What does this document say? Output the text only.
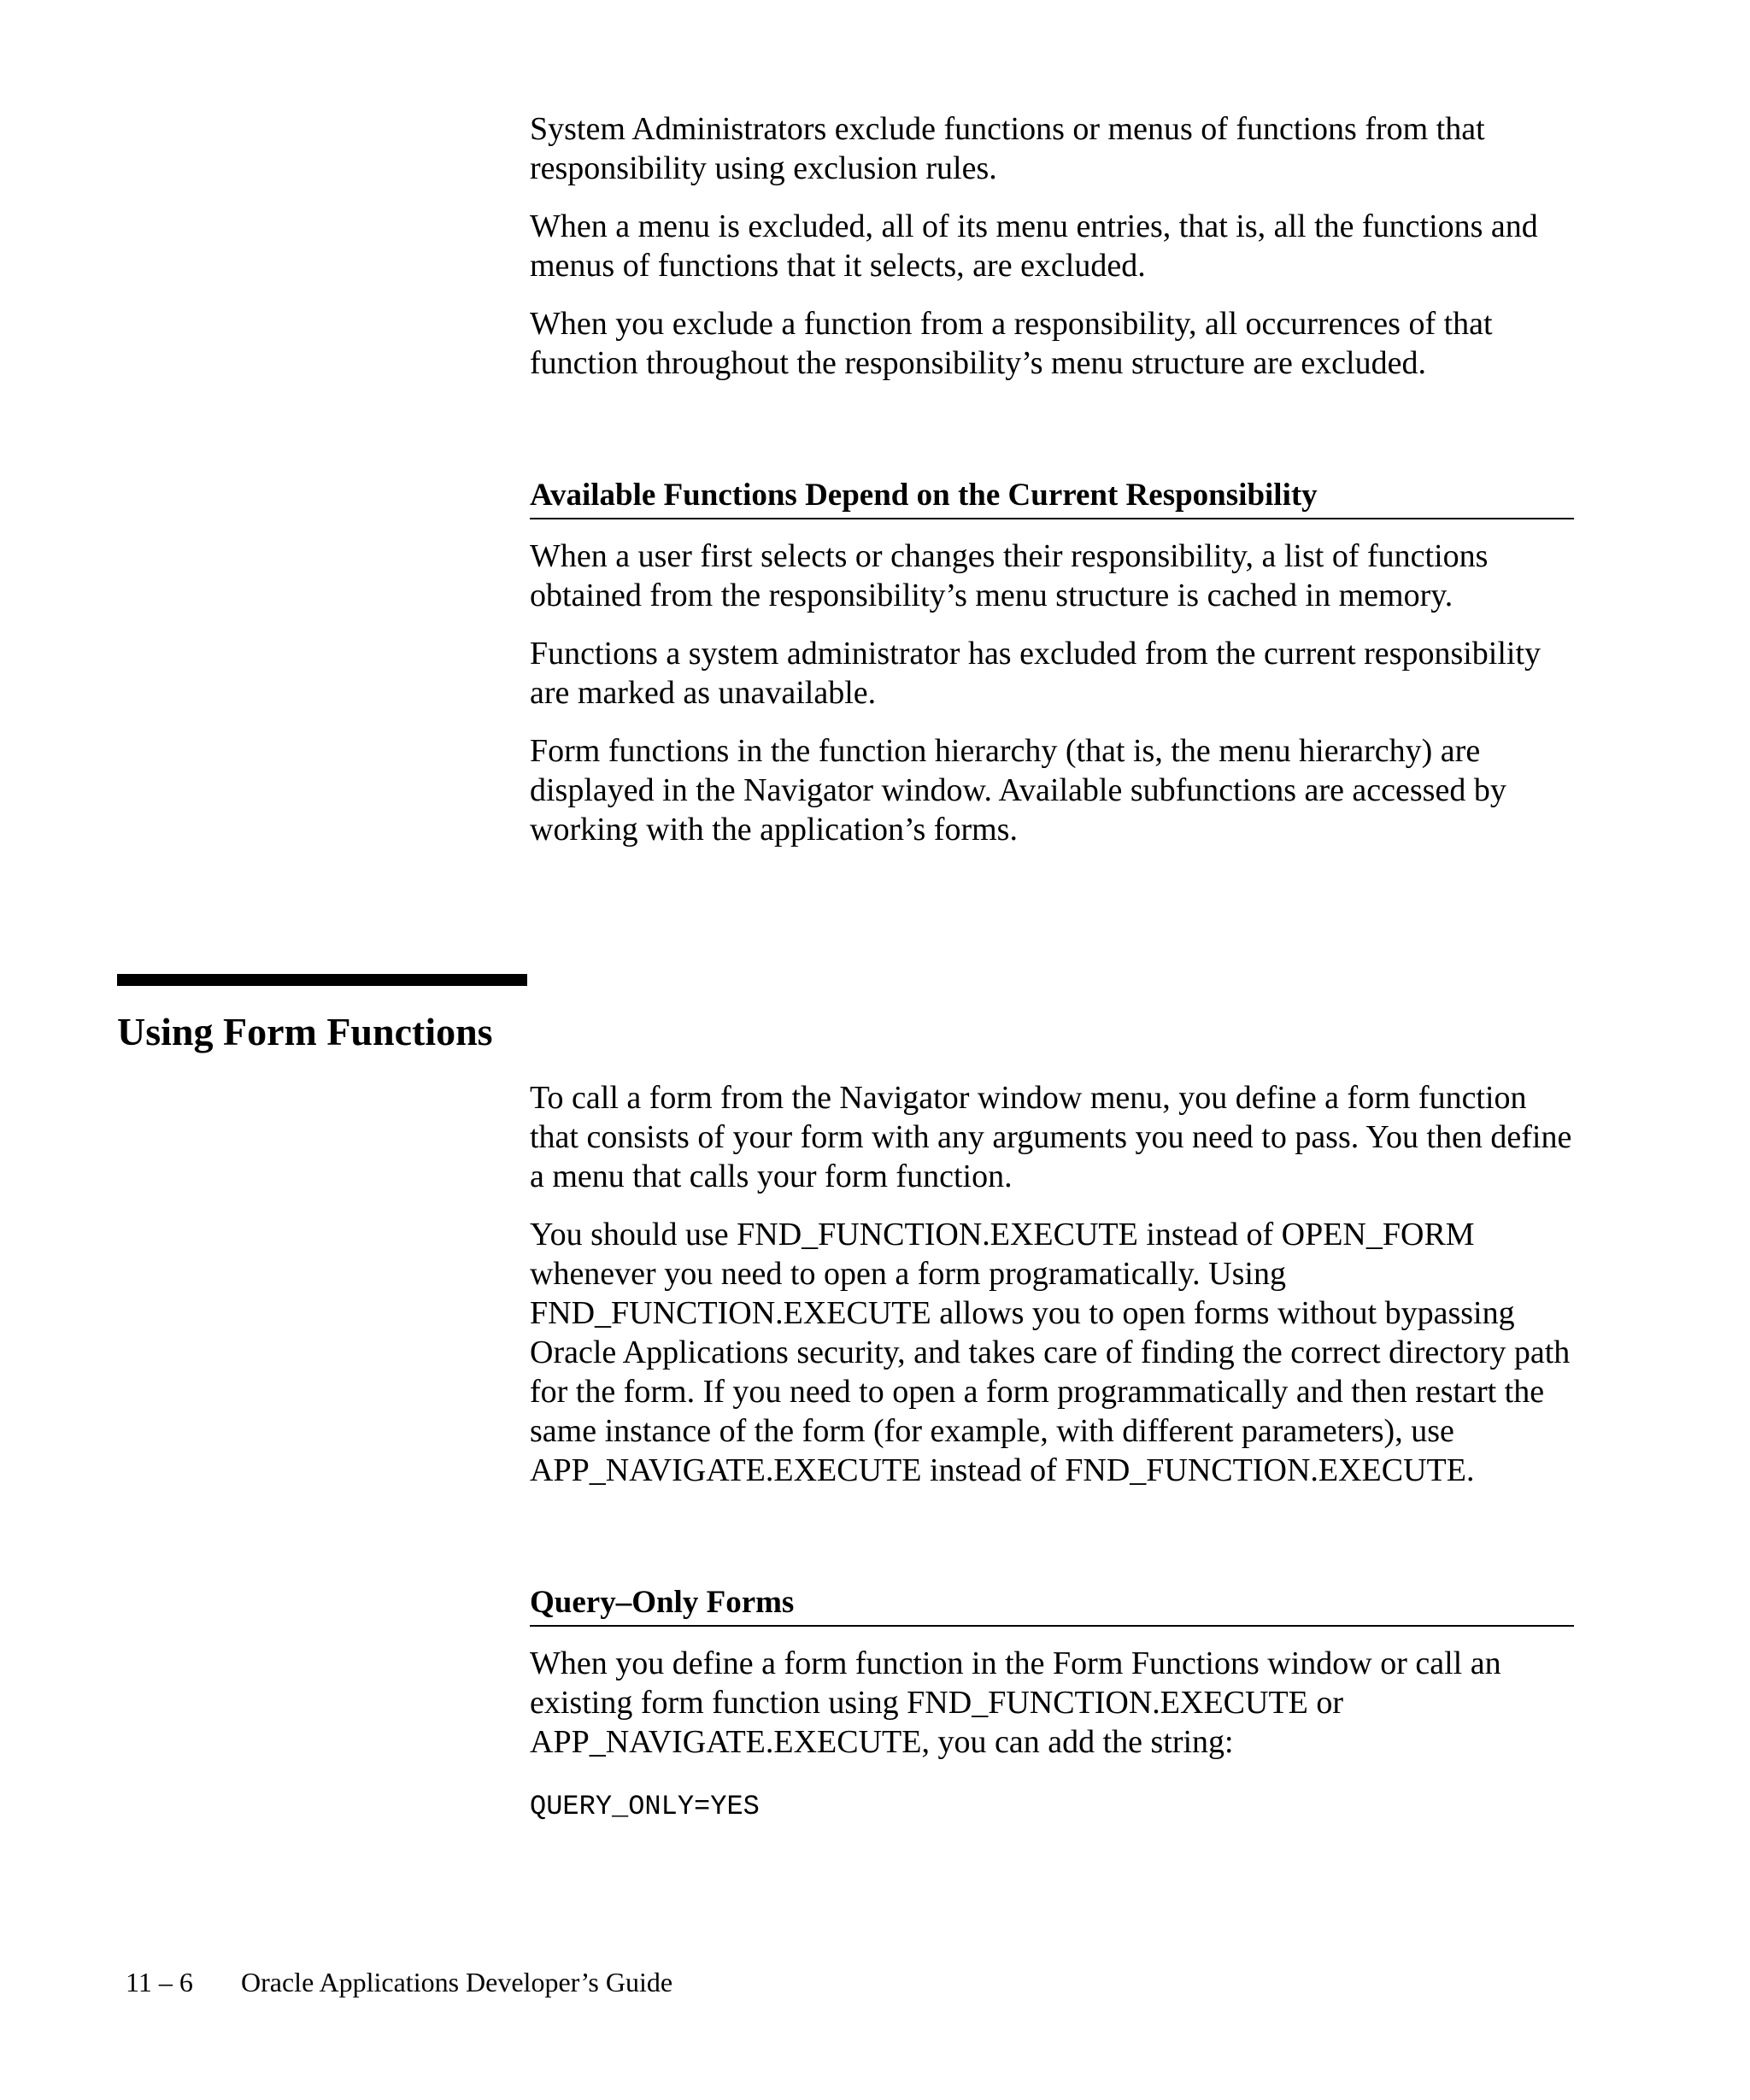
System Administrators exclude functions or menus of functions from that responsibility using exclusion rules.

When a menu is excluded, all of its menu entries, that is, all the functions and menus of functions that it selects, are excluded.

When you exclude a function from a responsibility, all occurrences of that function throughout the responsibility’s menu structure are excluded.

Available Functions Depend on the Current Responsibility

When a user first selects or changes their responsibility, a list of functions obtained from the responsibility’s menu structure is cached in memory.

Functions a system administrator has excluded from the current responsibility are marked as unavailable.

Form functions in the function hierarchy (that is, the menu hierarchy) are displayed in the Navigator window. Available subfunctions are accessed by working with the application’s forms.

Using Form Functions

To call a form from the Navigator window menu, you define a form function that consists of your form with any arguments you need to pass. You then define a menu that calls your form function.

You should use FND_FUNCTION.EXECUTE instead of OPEN_FORM whenever you need to open a form programatically. Using FND_FUNCTION.EXECUTE allows you to open forms without bypassing Oracle Applications security, and takes care of finding the correct directory path for the form. If you need to open a form programmatically and then restart the same instance of the form (for example, with different parameters), use APP_NAVIGATE.EXECUTE instead of FND_FUNCTION.EXECUTE.

Query–Only Forms

When you define a form function in the Form Functions window or call an existing form function using FND_FUNCTION.EXECUTE or APP_NAVIGATE.EXECUTE, you can add the string:

QUERY_ONLY=YES
11 – 6 Oracle Applications Developer’s Guide
